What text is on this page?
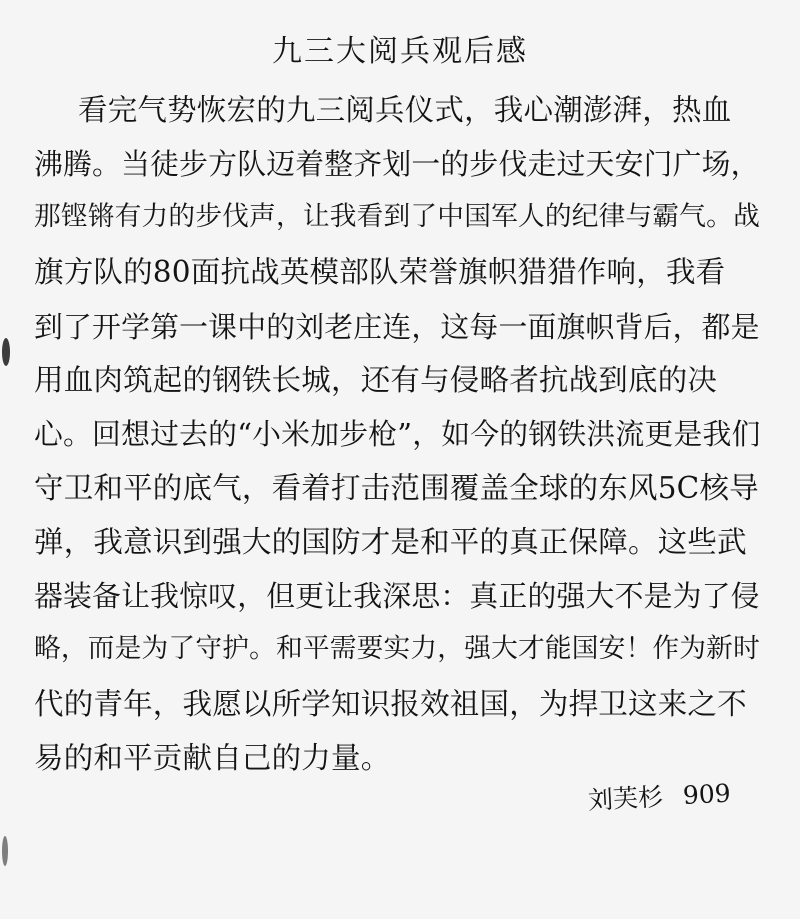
九三大阅兵观后感
看完气势恢宏的九三阅兵仪式，我心潮澎湃，热血
沸腾。当徒步方队迈着整齐划一的步伐走过天安门广场，
那铿锵有力的步伐声，让我看到了中国军人的纪律与霸气。战
旗方队的80面抗战英模部队荣誉旗帜猎猎作响，我看
到了开学第一课中的刘老庄连，这每一面旗帜背后，都是
用血肉筑起的钢铁长城，还有与侵略者抗战到底的决
心。回想过去的“小米加步枪”，如今的钢铁洪流更是我们
守卫和平的底气，看着打击范围覆盖全球的东风5C核导
弹，我意识到强大的国防才是和平的真正保障。这些武
器装备让我惊叹，但更让我深思：真正的强大不是为了侵
略，而是为了守护。和平需要实力，强大才能国安！作为新时
代的青年，我愿以所学知识报效祖国，为捍卫这来之不
易的和平贡献自己的力量。
刘芙杉 909
